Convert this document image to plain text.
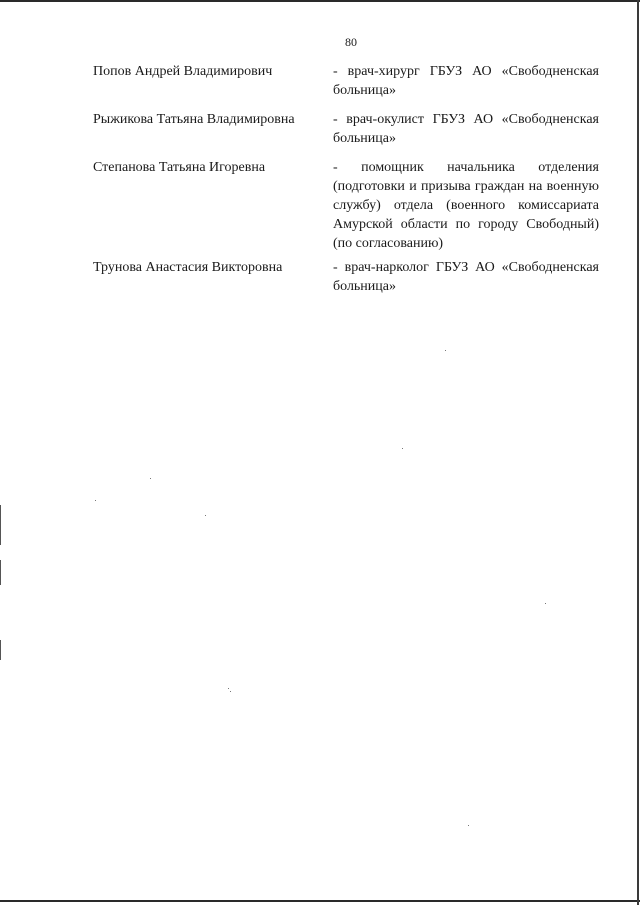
80
Попов Андрей Владимирович	- врач-хирург ГБУЗ АО «Свободненская больница»
Рыжикова Татьяна Владимировна	- врач-окулист ГБУЗ АО «Свободненская больница»
Степанова Татьяна Игоревна	- помощник начальника отделения (подготовки и призыва граждан на военную службу) отдела (военного комиссариата Амурской области по городу Свободный) (по согласованию)
Трунова Анастасия Викторовна	- врач-нарколог ГБУЗ АО «Свободненская больница»
